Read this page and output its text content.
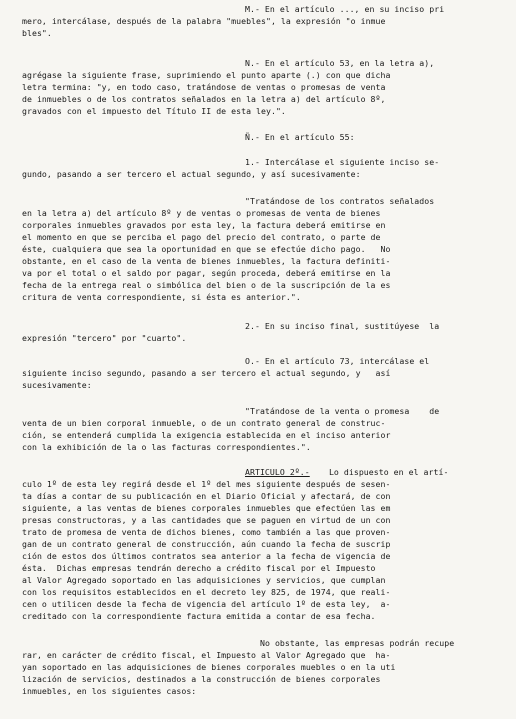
M.- En el artículo ..., en su inciso pri
mero, intercálase, después de la palabra "muebles", la expresión "o inmue
bles".
N.- En el artículo 53, en la letra a),
agrégase la siguiente frase, suprimiendo el punto aparte (.) con que dicha
letra termina: "y, en todo caso, tratándose de ventas o promesas de venta
de inmuebles o de los contratos señalados en la letra a) del artículo 8º,
gravados con el impuesto del Título II de esta ley.".
Ñ.- En el artículo 55:
1.- Intercálase el siguiente inciso se-
gundo, pasando a ser tercero el actual segundo, y así sucesivamente:
"Tratándose de los contratos señalados
en la letra a) del artículo 8º y de ventas o promesas de venta de bienes
corporales inmuebles gravados por esta ley, la factura deberá emitirse en
el momento en que se perciba el pago del precio del contrato, o parte de
éste, cualquiera que sea la oportunidad en que se efectúe dicho pago.   No
obstante, en el caso de la venta de bienes inmuebles, la factura definiti-
va por el total o el saldo por pagar, según proceda, deberá emitirse en la
fecha de la entrega real o simbólica del bien o de la suscripción de la es
critura de venta correspondiente, si ésta es anterior.".
2.- En su inciso final, sustitúyese  la
expresión "tercero" por "cuarto".
O.- En el artículo 73, intercálase el
siguiente inciso segundo, pasando a ser tercero el actual segundo, y   así
sucesivamente:
"Tratándose de la venta o promesa    de
venta de un bien corporal inmueble, o de un contrato general de construc-
ción, se entenderá cumplida la exigencia establecida en el inciso anterior
con la exhibición de la o las facturas correspondientes.".
ARTICULO 2º.- Lo dispuesto en el artí-
culo 1º de esta ley regirá desde el 1º del mes siguiente después de sesen-
ta días a contar de su publicación en el Diario Oficial y afectará, de con
siguiente, a las ventas de bienes corporales inmuebles que efectúen las em
presas constructoras, y a las cantidades que se paguen en virtud de un con
trato de promesa de venta de dichos bienes, como también a las que proven-
gan de un contrato general de construcción, aún cuando la fecha de suscrip
ción de estos dos últimos contratos sea anterior a la fecha de vigencia de
ésta.  Dichas empresas tendrán derecho a crédito fiscal por el Impuesto
al Valor Agregado soportado en las adquisiciones y servicios, que cumplan
con los requisitos establecidos en el decreto ley 825, de 1974, que reali-
cen o utilicen desde la fecha de vigencia del artículo 1º de esta ley,  a-
creditado con la correspondiente factura emitida a contar de esa fecha.
No obstante, las empresas podrán recupe
rar, en carácter de crédito fiscal, el Impuesto al Valor Agregado que  ha-
yan soportado en las adquisiciones de bienes corporales muebles o en la uti
lización de servicios, destinados a la construcción de bienes corporales
inmuebles, en los siguientes casos:
